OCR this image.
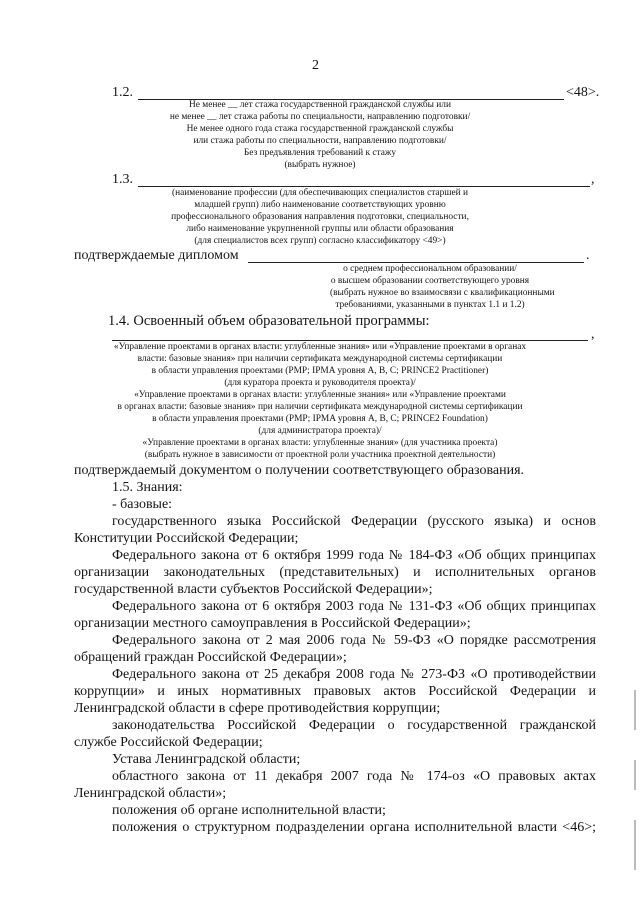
2
1.2.	<48>.
Не менее __ лет стажа государственной гражданской службы или
не менее __ лет стажа работы по специальности, направлению подготовки/
Не менее одного года стажа государственной гражданской службы
или стажа работы по специальности, направлению подготовки/
Без предъявления требований к стажу
(выбрать нужное)
1.3.	,
(наименование профессии (для обеспечивающих специалистов старшей и
младшей групп) либо наименование соответствующих уровню
профессионального образования направления подготовки, специальности,
либо наименование укрупненной группы или области образования
(для специалистов всех групп) согласно классификатору <49>)
подтверждаемые дипломом	.
о среднем профессиональном образовании/
о высшем образовании соответствующего уровня
(выбрать нужное во взаимосвязи с квалификационными
требованиями, указанными в пунктах 1.1 и 1.2)
1.4. Освоенный объем образовательной программы:
,
«Управление проектами в органах власти: углубленные знания» или «Управление проектами в органах
власти: базовые знания» при наличии сертификата международной системы сертификации
в области управления проектами (PMP; IPMA уровня A, B, C; PRINCE2 Practitioner)
(для куратора проекта и руководителя проекта)/
«Управление проектами в органах власти: углубленные знания» или «Управление проектами
в органах власти: базовые знания» при наличии сертификата международной системы сертификации
в области управления проектами (PMP; IPMA уровня A, B, C; PRINCE2 Foundation)
(для администратора проекта)/
«Управление проектами в органах власти: углубленные знания» (для участника проекта)
(выбрать нужное в зависимости от проектной роли участника проектной деятельности)
подтверждаемый документом о получении соответствующего образования.
1.5. Знания:
- базовые:
государственного языка Российской Федерации (русского языка) и основ
Конституции Российской Федерации;
Федерального закона от 6 октября 1999 года № 184-ФЗ «Об общих принципах
организации законодательных (представительных) и исполнительных органов
государственной власти субъектов Российской Федерации»;
Федерального закона от 6 октября 2003 года № 131-ФЗ «Об общих принципах
организации местного самоуправления в Российской Федерации»;
Федерального закона от 2 мая 2006 года № 59-ФЗ «О порядке рассмотрения
обращений граждан Российской Федерации»;
Федерального закона от 25 декабря 2008 года № 273-ФЗ «О противодействии
коррупции» и иных нормативных правовых актов Российской Федерации и
Ленинградской области в сфере противодействия коррупции;
законодательства Российской Федерации о государственной гражданской
службе Российской Федерации;
Устава Ленинградской области;
областного закона от 11 декабря 2007 года № 174-оз «О правовых актах
Ленинградской области»;
положения об органе исполнительной власти;
положения о структурном подразделении органа исполнительной власти <46>;
